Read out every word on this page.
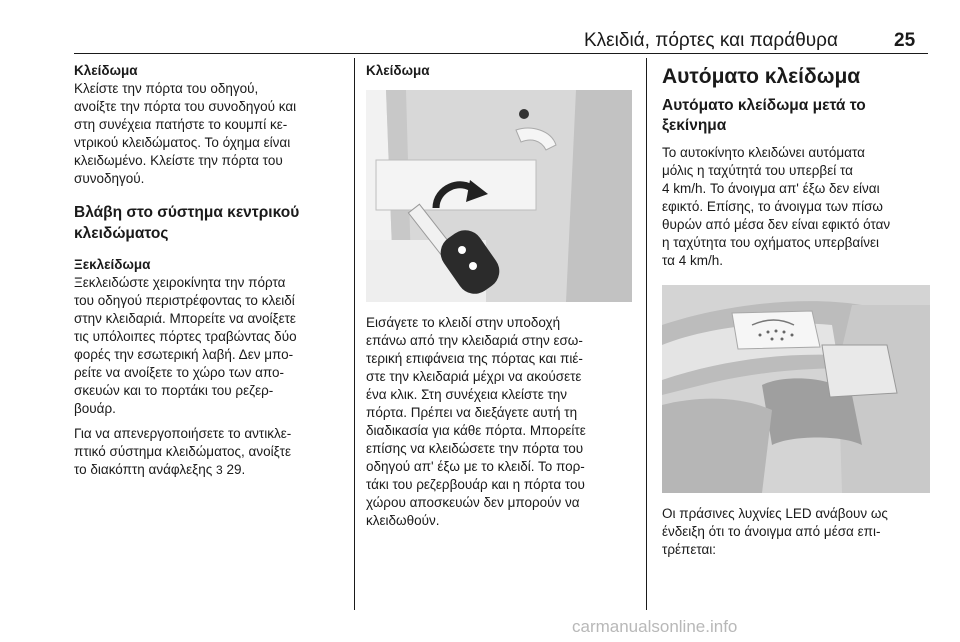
Κλειδιά, πόρτες και παράθυρα	25
Κλείδωμα

Κλείστε την πόρτα του οδηγού,

ανοίξτε την πόρτα του συνοδηγού και

στη συνέχεια πατήστε το κουμπί κε-

ντρικού κλειδώματος. Το όχημα είναι

κλειδωμένο. Κλείστε την πόρτα του

συνοδηγού.

Βλάβη στο σύστημα κεντρικού
κλειδώματος
Ξεκλείδωμα

Ξεκλειδώστε χειροκίνητα την πόρτα

του οδηγού περιστρέφοντας το κλειδί

στην κλειδαριά. Μπορείτε να ανοίξετε

τις υπόλοιπες πόρτες τραβώντας δύο

φορές την εσωτερική λαβή. Δεν μπο-

ρείτε να ανοίξετε το χώρο των απο-

σκευών και το πορτάκι του ρεζερ-

βουάρ.

Για να απενεργοποιήσετε το αντικλε-

πτικό σύστημα κλειδώματος, ανοίξτε

το διακόπτη ανάφλεξης 3 29.

Κλείδωμα

Εισάγετε το κλειδί στην υποδοχή

επάνω από την κλειδαριά στην εσω-

τερική επιφάνεια της πόρτας και πιέ-

στε την κλειδαριά μέχρι να ακούσετε

ένα κλικ. Στη συνέχεια κλείστε την

πόρτα. Πρέπει να διεξάγετε αυτή τη

διαδικασία για κάθε πόρτα. Μπορείτε

επίσης να κλειδώσετε την πόρτα του

οδηγού απ' έξω με το κλειδί. Το πορ-

τάκι του ρεζερβουάρ και η πόρτα του

χώρου αποσκευών δεν μπορούν να

κλειδωθούν.

Αυτόματο κλείδωμα
Αυτόματο κλείδωμα μετά το
ξεκίνημα

Το αυτοκίνητο κλειδώνει αυτόματα

μόλις η ταχύτητά του υπερβεί τα

4 km/h. Το άνοιγμα απ' έξω δεν είναι

εφικτό. Επίσης, το άνοιγμα των πίσω

θυρών από μέσα δεν είναι εφικτό όταν

η ταχύτητα του οχήματος υπερβαίνει

τα 4 km/h.

Οι πράσινες λυχνίες LED ανάβουν ως

ένδειξη ότι το άνοιγμα από μέσα επι-

τρέπεται:

carmanualsonline.info
